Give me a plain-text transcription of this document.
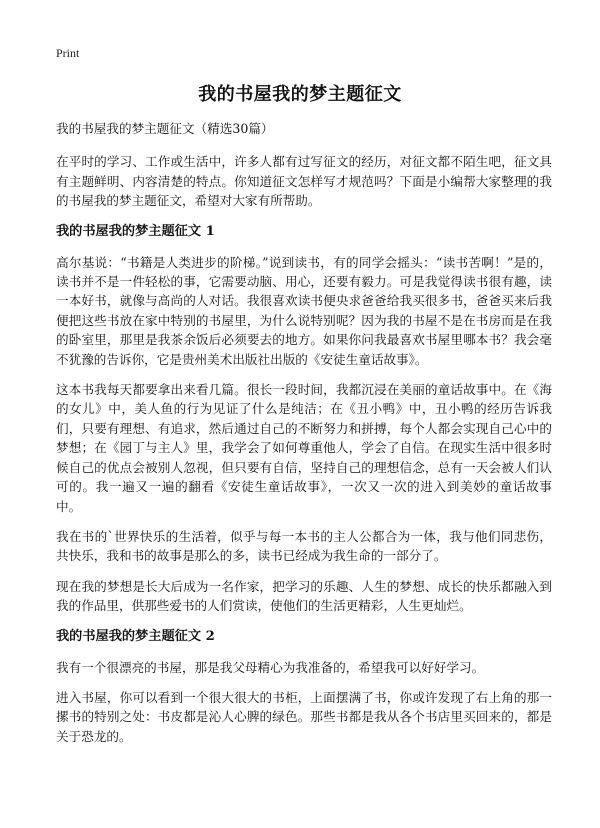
Print
我的书屋我的梦主题征文

我的书屋我的梦主题征文（精选30篇）

在平时的学习、工作或生活中，许多人都有过写征文的经历，对征文都不陌生吧，征文具有主题鲜明、内容清楚的特点。你知道征文怎样写才规范吗？下面是小编帮大家整理的我的书屋我的梦主题征文，希望对大家有所帮助。

我的书屋我的梦主题征文 1

高尔基说：“书籍是人类进步的阶梯。”说到读书，有的同学会摇头：“读书苦啊！”是的，读书并不是一件轻松的事，它需要动脑、用心，还要有毅力。可是我觉得读书很有趣，读一本好书，就像与高尚的人对话。我很喜欢读书便央求爸爸给我买很多书，爸爸买来后我便把这些书放在家中特别的书屋里，为什么说特别呢？因为我的书屋不是在书房而是在我的卧室里，那里是我茶余饭后必须要去的地方。如果你问我最喜欢书屋里哪本书？我会毫不犹豫的告诉你，它是贵州美术出版社出版的《安徒生童话故事》。

这本书我每天都要拿出来看几篇。很长一段时间，我都沉浸在美丽的童话故事中。在《海的女儿》中，美人鱼的行为见证了什么是纯洁；在《丑小鸭》中，丑小鸭的经历告诉我们，只要有理想、有追求，然后通过自己的不断努力和拼搏，每个人都会实现自己心中的梦想；在《园丁与主人》里，我学会了如何尊重他人，学会了自信。在现实生活中很多时候自己的优点会被别人忽视，但只要有自信，坚持自己的理想信念，总有一天会被人们认可的。我一遍又一遍的翻看《安徒生童话故事》，一次又一次的进入到美妙的童话故事中。

我在书的`世界快乐的生活着，似乎与每一本书的主人公都合为一体，我与他们同悲伤，共快乐，我和书的故事是那么的多，读书已经成为我生命的一部分了。

现在我的梦想是长大后成为一名作家，把学习的乐趣、人生的梦想、成长的快乐都融入到我的作品里，供那些爱书的人们赏读，使他们的生活更精彩，人生更灿烂。

我的书屋我的梦主题征文 2

我有一个很漂亮的书屋，那是我父母精心为我准备的，希望我可以好好学习。

进入书屋，你可以看到一个很大很大的书柜，上面摆满了书，你或许发现了右上角的那一摞书的特别之处：书皮都是沁人心脾的绿色。那些书都是我从各个书店里买回来的，都是关于恐龙的。
